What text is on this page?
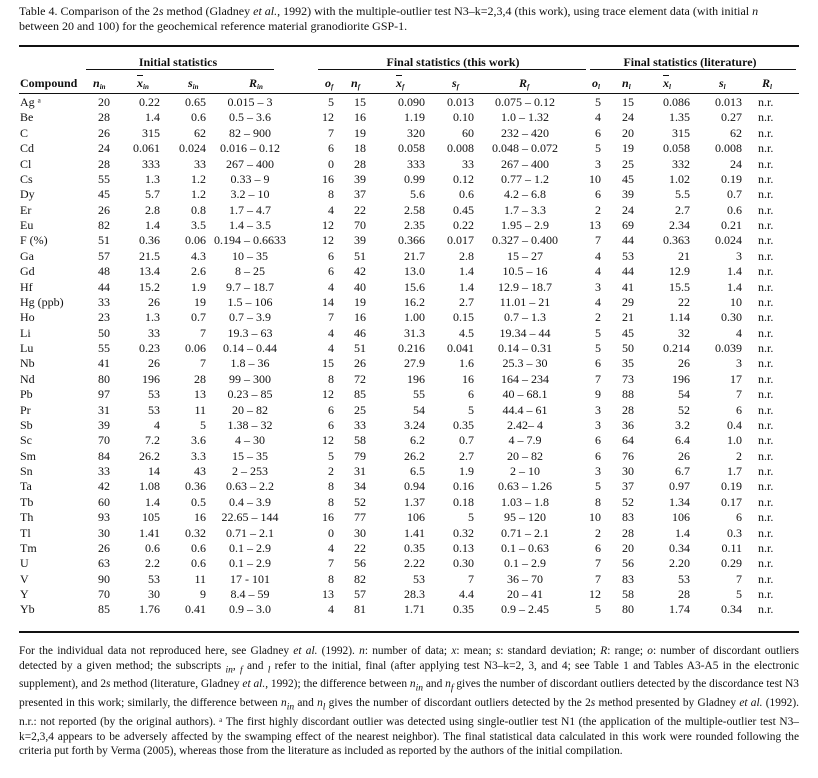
Table 4. Comparison of the 2s method (Gladney et al., 1992) with the multiple-outlier test N3–k=2,3,4 (this work), using trace element data (with initial n between 20 and 100) for the geochemical reference material granodiorite GSP-1.
Initial statistics	Final statistics (this work)	Final statistics (literature)
Compound $n_{in}$	$\overline{x}_{in}$	$s_{in}$	$R_{in}$	$o_f$ $n_f$	$\overline{x}_f$	$s_f$	$R_f$	$o_l$ $n_l$	$\overline{x}_l$	$s_l$	$R_l$
Ag ᵃ	20	0.22	0.65	0.015 – 3	5	15	0.090	0.013	0.075 – 0.12	5	15	0.086	0.013 n.r.
Be	28	1.4	0.6	0.5 – 3.6	12	16	1.19	0.10	1.0 – 1.32	4	24	1.35	0.27 n.r.
C	26	315	62	82 – 900	7	19	320	60	232 – 420	6	20	315	62 n.r.
Cd	24	0.061	0.024	0.016 – 0.12	6	18	0.058	0.008	0.048 – 0.072	5	19	0.058	0.008 n.r.
Cl	28	333	33	267 – 400	0	28	333	33	267 – 400	3	25	332	24 n.r.
Cs	55	1.3	1.2	0.33 – 9	16	39	0.99	0.12	0.77 – 1.2	10	45	1.02	0.19 n.r.
Dy	45	5.7	1.2	3.2 – 10	8	37	5.6	0.6	4.2 – 6.8	6	39	5.5	0.7 n.r.
Er	26	2.8	0.8	1.7 – 4.7	4	22	2.58	0.45	1.7 – 3.3	2	24	2.7	0.6 n.r.
Eu	82	1.4	3.5	1.4 – 3.5	12	70	2.35	0.22	1.95 – 2.9	13	69	2.34	0.21 n.r.
F (%)	51	0.36	0.06 0.194 – 0.6633	12	39	0.366	0.017	0.327 – 0.400	7	44	0.363	0.024 n.r.
Ga	57	21.5	4.3	10 – 35	6	51	21.7	2.8	15 – 27	4	53	21	3 n.r.
Gd	48	13.4	2.6	8 – 25	6	42	13.0	1.4	10.5 – 16	4	44	12.9	1.4 n.r.
Hf	44	15.2	1.9	9.7 – 18.7	4	40	15.6	1.4	12.9 – 18.7	3	41	15.5	1.4 n.r.
Hg (ppb)	33	26	19	1.5 – 106	14	19	16.2	2.7	11.01 – 21	4	29	22	10 n.r.
Ho	23	1.3	0.7	0.7 – 3.9	7	16	1.00	0.15	0.7 – 1.3	2	21	1.14	0.30 n.r.
Li	50	33	7	19.3 – 63	4	46	31.3	4.5	19.34 – 44	5	45	32	4 n.r.
Lu	55	0.23	0.06	0.14 – 0.44	4	51	0.216	0.041	0.14 – 0.31	5	50	0.214	0.039 n.r.
Nb	41	26	7	1.8 – 36	15	26	27.9	1.6	25.3 – 30	6	35	26	3 n.r.
Nd	80	196	28	99 – 300	8	72	196	16	164 – 234	7	73	196	17 n.r.
Pb	97	53	13	0.23 – 85	12	85	55	6	40 – 68.1	9	88	54	7 n.r.
Pr	31	53	11	20 – 82	6	25	54	5	44.4 – 61	3	28	52	6 n.r.
Sb	39	4	5	1.38 – 32	6	33	3.24	0.35	2.42– 4	3	36	3.2	0.4 n.r.
Sc	70	7.2	3.6	4 – 30	12	58	6.2	0.7	4 – 7.9	6	64	6.4	1.0 n.r.
Sm	84	26.2	3.3	15 – 35	5	79	26.2	2.7	20 – 82	6	76	26	2 n.r.
Sn	33	14	43	2 – 253	2	31	6.5	1.9	2 – 10	3	30	6.7	1.7 n.r.
Ta	42	1.08	0.36	0.63 – 2.2	8	34	0.94	0.16	0.63 – 1.26	5	37	0.97	0.19 n.r.
Tb	60	1.4	0.5	0.4 – 3.9	8	52	1.37	0.18	1.03 – 1.8	8	52	1.34	0.17 n.r.
Th	93	105	16	22.65 – 144	16	77	106	5	95 – 120	10	83	106	6 n.r.
Tl	30	1.41	0.32	0.71 – 2.1	0	30	1.41	0.32	0.71 – 2.1	2	28	1.4	0.3 n.r.
Tm	26	0.6	0.6	0.1 – 2.9	4	22	0.35	0.13	0.1 – 0.63	6	20	0.34	0.11 n.r.
U	63	2.2	0.6	0.1 – 2.9	7	56	2.22	0.30	0.1 – 2.9	7	56	2.20	0.29 n.r.
V	90	53	11	17 - 101	8	82	53	7	36 – 70	7	83	53	7 n.r.
Y	70	30	9	8.4 – 59	13	57	28.3	4.4	20 – 41	12	58	28	5 n.r.
Yb	85	1.76	0.41	0.9 – 3.0	4	81	1.71	0.35	0.9 – 2.45	5	80	1.74	0.34 n.r.
For the individual data not reproduced here, see Gladney et al. (1992). n: number of data; x: mean; s: standard deviation; R: range; o: number of discordant outliers detected by a given method; the subscripts $_{in}$, $_f$ and $_l$ refer to the initial, final (after applying test N3–k=2, 3, and 4; see Table 1 and Tables A3-A5 in the electronic supplement), and 2s method (literature, Gladney et al., 1992); the difference between $n_{in}$ and $n_f$ gives the number of discordant outliers detected by the discordance test N3 presented in this work; similarly, the difference between $n_{in}$ and $n_l$ gives the number of discordant outliers detected by the 2s method presented by Gladney et al. (1992). n.r.: not reported (by the original authors). ᵃ The first highly discordant outlier was detected using single-outlier test N1 (the application of the multiple-outlier test N3–k=2,3,4 appears to be adversely affected by the swamping effect of the nearest neighbor). The final statistical data calculated in this work were rounded following the criteria put forth by Verma (2005), whereas those from the literature as included as reported by the authors of the initial compilation.
